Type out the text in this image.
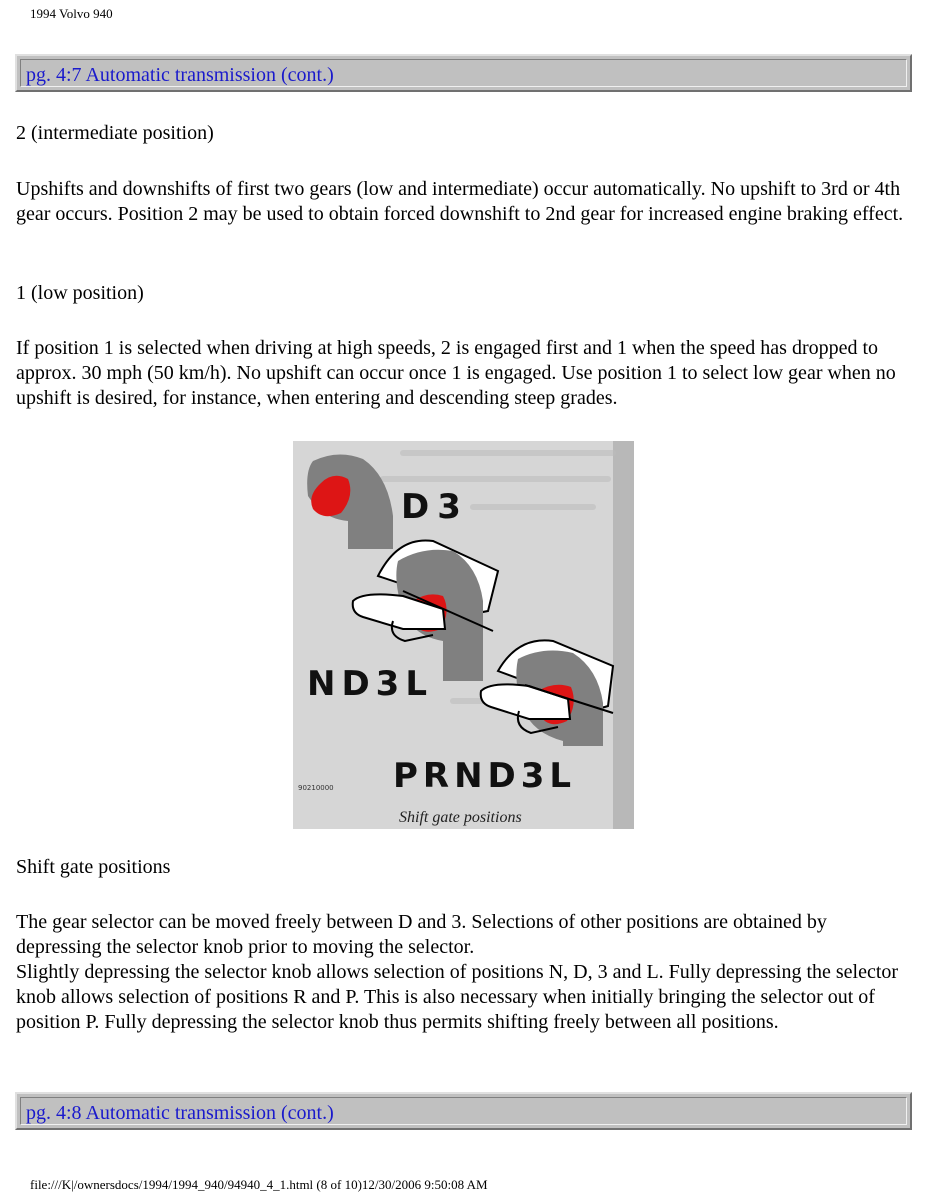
1994 Volvo 940
pg. 4:7 Automatic transmission (cont.)

2 (intermediate position)

Upshifts and downshifts of first two gears (low and intermediate) occur automatically. No upshift to 3rd or 4th gear occurs. Position 2 may be used to obtain forced downshift to 2nd gear for increased engine braking effect.

1 (low position)

If position 1 is selected when driving at high speeds, 2 is engaged first and 1 when the speed has dropped to approx. 30 mph (50 km/h). No upshift can occur once 1 is engaged. Use position 1 to select low gear when no upshift is desired, for instance, when entering and descending steep grades.

D3
ND3L
PRND3L
90210000
Shift gate positions

Shift gate positions

The gear selector can be moved freely between D and 3. Selections of other positions are obtained by depressing the selector knob prior to moving the selector.
Slightly depressing the selector knob allows selection of positions N, D, 3 and L. Fully depressing the selector knob allows selection of positions R and P. This is also necessary when initially bringing the selector out of position P. Fully depressing the selector knob thus permits shifting freely between all positions.
pg. 4:8 Automatic transmission (cont.)
file:///K|/ownersdocs/1994/1994_940/94940_4_1.html (8 of 10)12/30/2006 9:50:08 AM
